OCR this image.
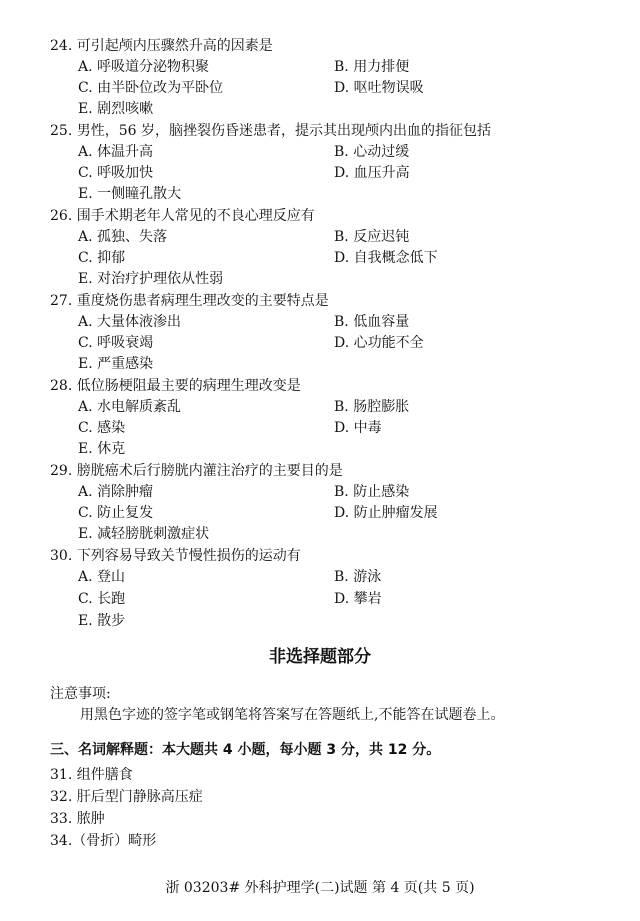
24. 可引起颅内压骤然升高的因素是
A. 呼吸道分泌物积聚	B. 用力排便
C. 由半卧位改为平卧位	D. 呕吐物误吸
E. 剧烈咳嗽
25. 男性，56 岁，脑挫裂伤昏迷患者，提示其出现颅内出血的指征包括
A. 体温升高	B. 心动过缓
C. 呼吸加快	D. 血压升高
E. 一侧瞳孔散大
26. 围手术期老年人常见的不良心理反应有
A. 孤独、失落	B. 反应迟钝
C. 抑郁	D. 自我概念低下
E. 对治疗护理依从性弱
27. 重度烧伤患者病理生理改变的主要特点是
A. 大量体液渗出	B. 低血容量
C. 呼吸衰竭	D. 心功能不全
E. 严重感染
28. 低位肠梗阻最主要的病理生理改变是
A. 水电解质紊乱	B. 肠腔膨胀
C. 感染	D. 中毒
E. 休克
29. 膀胱癌术后行膀胱内灌注治疗的主要目的是
A. 消除肿瘤	B. 防止感染
C. 防止复发	D. 防止肿瘤发展
E. 减轻膀胱刺激症状
30. 下列容易导致关节慢性损伤的运动有
A. 登山	B. 游泳
C. 长跑	D. 攀岩
E. 散步
非选择题部分
注意事项:
用黑色字迹的签字笔或钢笔将答案写在答题纸上,不能答在试题卷上。
三、名词解释题：本大题共 4 小题，每小题 3 分，共 12 分。
31. 组件膳食
32. 肝后型门静脉高压症
33. 脓肿
34.（骨折）畸形
浙 03203# 外科护理学(二)试题 第 4 页(共 5 页)
